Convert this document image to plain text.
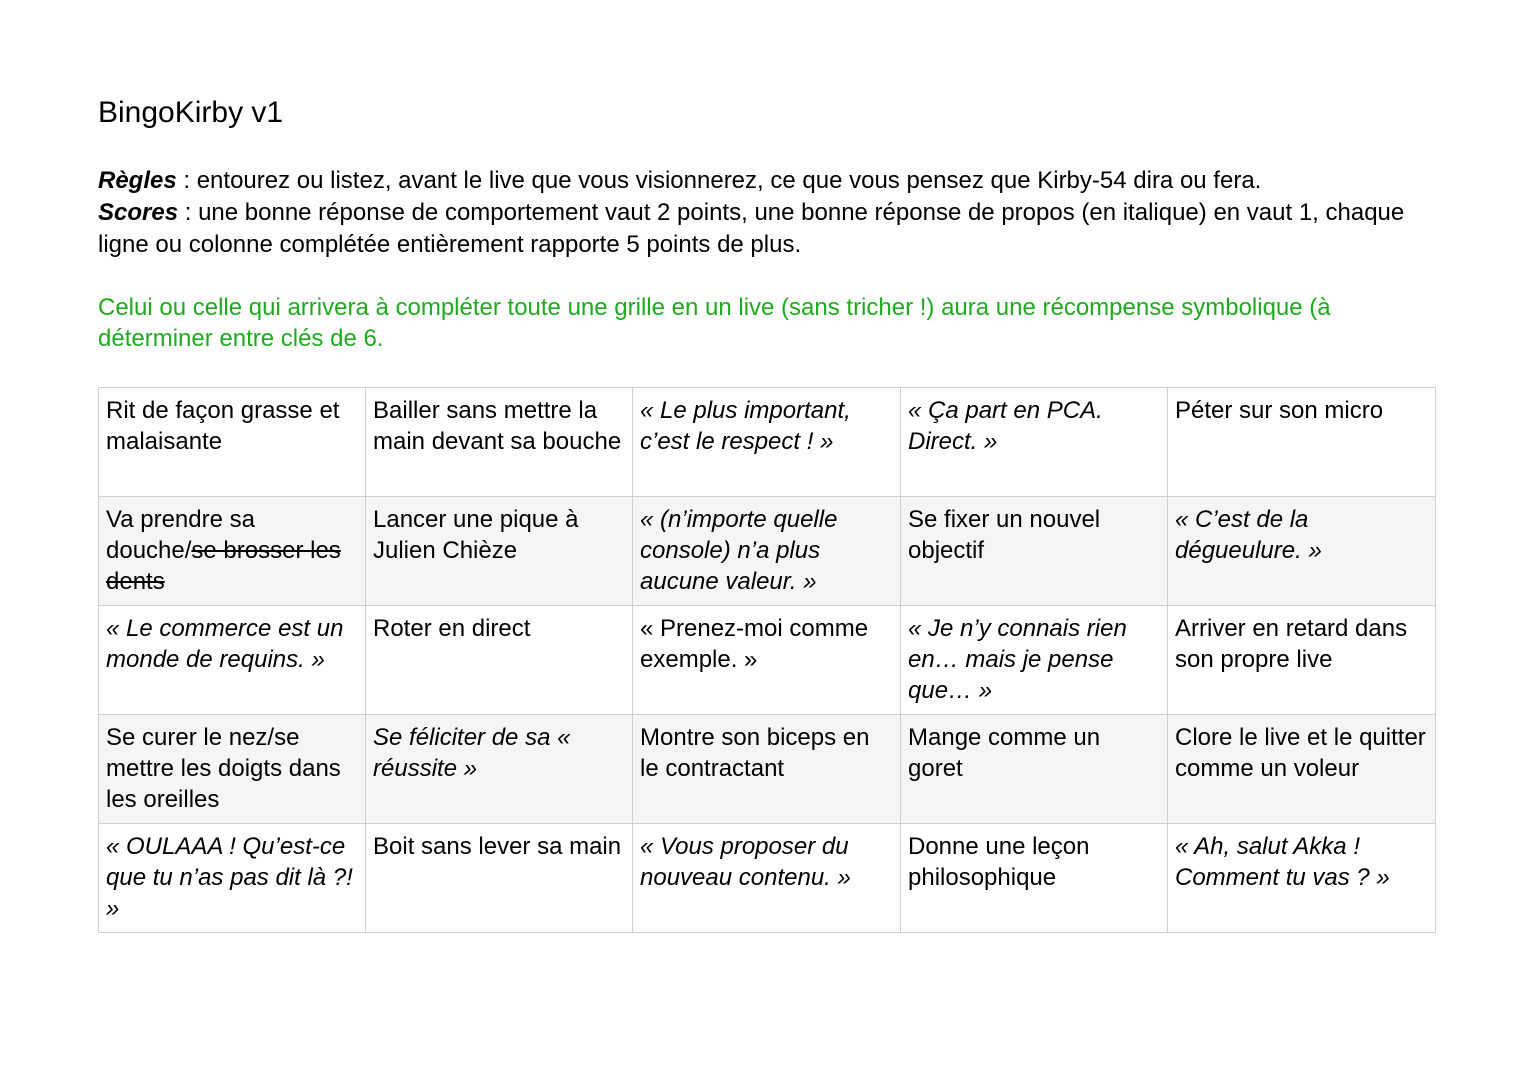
BingoKirby v1

Règles : entourez ou listez, avant le live que vous visionnerez, ce que vous pensez que Kirby-54 dira ou fera.

Scores : une bonne réponse de comportement vaut 2 points, une bonne réponse de propos (en italique) en vaut 1, chaque ligne ou colonne complétée entièrement rapporte 5 points de plus.

Celui ou celle qui arrivera à compléter toute une grille en un live (sans tricher !) aura une récompense symbolique (à déterminer entre clés de 6.

Rit de façon grasse et malaisante	Bailler sans mettre la main devant sa bouche	« Le plus important, c’est le respect ! »	« Ça part en PCA. Direct. »	Péter sur son micro
Va prendre sa douche/se brosser les dents	Lancer une pique à Julien Chièze	« (n’importe quelle console) n’a plus aucune valeur. »	Se fixer un nouvel objectif	« C’est de la dégueulure. »
« Le commerce est un monde de requins. »	Roter en direct	« Prenez-moi comme exemple. »	« Je n’y connais rien en… mais je pense que… »	Arriver en retard dans son propre live
Se curer le nez/se mettre les doigts dans les oreilles	Se féliciter de sa « réussite »	Montre son biceps en le contractant	Mange comme un goret	Clore le live et le quitter comme un voleur
« OULAAA ! Qu’est-ce que tu n’as pas dit là ?! »	Boit sans lever sa main	« Vous proposer du nouveau contenu. »	Donne une leçon philosophique	« Ah, salut Akka ! Comment tu vas ? »
